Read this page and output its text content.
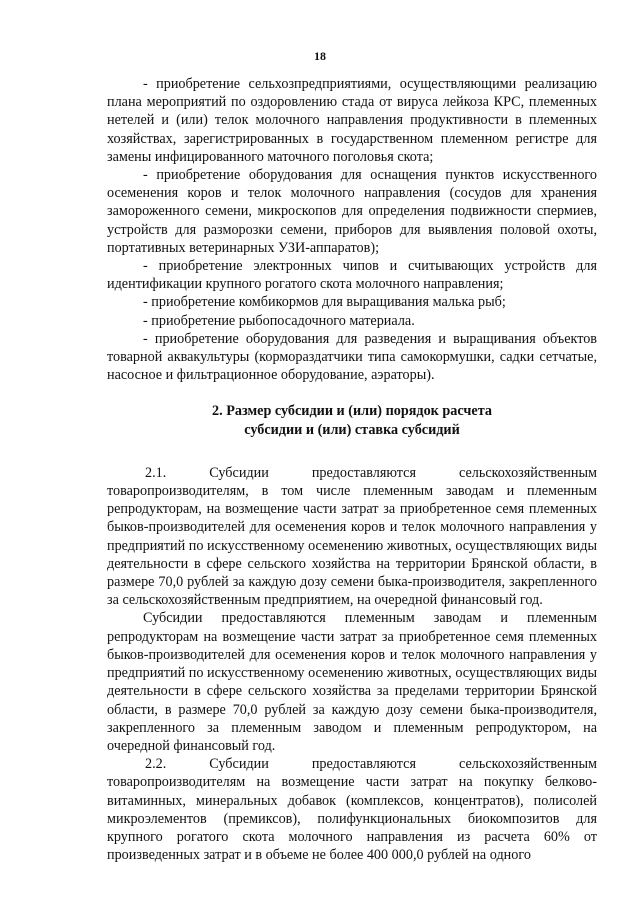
18

- приобретение сельхозпредприятиями, осуществляющими реализацию плана мероприятий по оздоровлению стада от вируса лейкоза КРС, племенных нетелей и (или) телок молочного направления продуктивности в племенных хозяйствах, зарегистрированных в государственном племенном регистре для замены инфицированного маточного поголовья скота;

- приобретение оборудования для оснащения пунктов искусственного осеменения коров и телок молочного направления (сосудов для хранения замороженного семени, микроскопов для определения подвижности спермиев, устройств для разморозки семени, приборов для выявления половой охоты, портативных ветеринарных УЗИ-аппаратов);

- приобретение электронных чипов и считывающих устройств для идентификации крупного рогатого скота молочного направления;

- приобретение комбикормов для выращивания малька рыб;

- приобретение рыбопосадочного материала.

- приобретение оборудования для разведения и выращивания объектов товарной аквакультуры (кормораздатчики типа самокормушки, садки сетчатые, насосное и фильтрационное оборудование, аэраторы).

2. Размер субсидии и (или) порядок расчета
субсидии и (или) ставка субсидий

2.1. Субсидии предоставляются сельскохозяйственным товаропроизводителям, в том числе племенным заводам и племенным репродукторам, на возмещение части затрат за приобретенное семя племенных быков-производителей для осеменения коров и телок молочного направления у предприятий по искусственному осеменению животных, осуществляющих виды деятельности в сфере сельского хозяйства на территории Брянской области, в размере 70,0 рублей за каждую дозу семени быка-производителя, закрепленного за сельскохозяйственным предприятием, на очередной финансовый год.

Субсидии предоставляются племенным заводам и племенным репродукторам на возмещение части затрат за приобретенное семя племенных быков-производителей для осеменения коров и телок молочного направления у предприятий по искусственному осеменению животных, осуществляющих виды деятельности в сфере сельского хозяйства за пределами территории Брянской области, в размере 70,0 рублей за каждую дозу семени быка-производителя, закрепленного за племенным заводом и племенным репродуктором, на очередной финансовый год.

2.2. Субсидии предоставляются сельскохозяйственным товаропроизводителям на возмещение части затрат на покупку белково-витаминных, минеральных добавок (комплексов, концентратов), полисолей микроэлементов (премиксов), полифункциональных биокомпозитов для крупного рогатого скота молочного направления из расчета 60% от произведенных затрат и в объеме не более 400 000,0 рублей на одного
